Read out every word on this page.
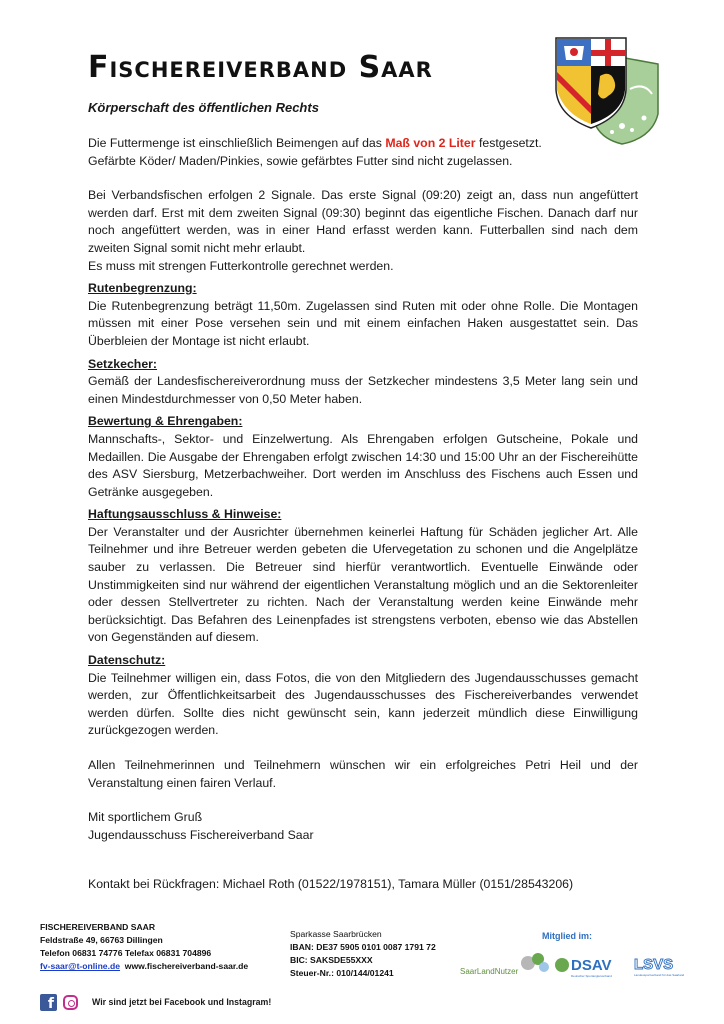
Fischereiverband Saar
Körperschaft des öffentlichen Rechts

Die Futtermenge ist einschließlich Beimengen auf das Maß von 2 Liter festgesetzt.

Gefärbte Köder/ Maden/Pinkies, sowie gefärbtes Futter sind nicht zugelassen.

Bei Verbandsfischen erfolgen 2 Signale. Das erste Signal (09:20) zeigt an, dass nun angefüttert werden darf. Erst mit dem zweiten Signal (09:30) beginnt das eigentliche Fischen. Danach darf nur noch angefüttert werden, was in einer Hand erfasst werden kann. Futterballen sind nach dem zweiten Signal somit nicht mehr erlaubt.

Es muss mit strengen Futterkontrolle gerechnet werden.

Rutenbegrenzung:

Die Rutenbegrenzung beträgt 11,50m. Zugelassen sind Ruten mit oder ohne Rolle. Die Montagen müssen mit einer Pose versehen sein und mit einem einfachen Haken ausgestattet sein. Das Überbleien der Montage ist nicht erlaubt.

Setzkecher:

Gemäß der Landesfischereiverordnung muss der Setzkecher mindestens 3,5 Meter lang sein und einen Mindestdurchmesser von 0,50 Meter haben.

Bewertung & Ehrengaben:

Mannschafts-, Sektor- und Einzelwertung. Als Ehrengaben erfolgen Gutscheine, Pokale und Medaillen. Die Ausgabe der Ehrengaben erfolgt zwischen 14:30 und 15:00 Uhr an der Fischereihütte des ASV Siersburg, Metzerbachweiher. Dort werden im Anschluss des Fischens auch Essen und Getränke ausgegeben.

Haftungsausschluss & Hinweise:

Der Veranstalter und der Ausrichter übernehmen keinerlei Haftung für Schäden jeglicher Art. Alle Teilnehmer und ihre Betreuer werden gebeten die Ufervegetation zu schonen und die Angelplätze sauber zu verlassen. Die Betreuer sind hierfür verantwortlich. Eventuelle Einwände oder Unstimmigkeiten sind nur während der eigentlichen Veranstaltung möglich und an die Sektorenleiter oder dessen Stellvertreter zu richten. Nach der Veranstaltung werden keine Einwände mehr berücksichtigt. Das Befahren des Leinenpfades ist strengstens verboten, ebenso wie das Abstellen von Gegenständen auf diesem.

Datenschutz:

Die Teilnehmer willigen ein, dass Fotos, die von den Mitgliedern des Jugendausschusses gemacht werden, zur Öffentlichkeitsarbeit des Jugendausschusses des Fischereiverbandes verwendet werden dürfen. Sollte dies nicht gewünscht sein, kann jederzeit mündlich diese Einwilligung zurückgezogen werden.

Allen Teilnehmerinnen und Teilnehmern wünschen wir ein erfolgreiches Petri Heil und der Veranstaltung einen fairen Verlauf.

Mit sportlichem Gruß

Jugendausschuss Fischereiverband Saar

Kontakt bei Rückfragen: Michael Roth (01522/1978151), Tamara Müller (0151/28543206)
FISCHEREIVERBAND SAAR
Feldstraße 49, 66763 Dillingen
Telefon 06831 74776 Telefax 06831 704896
fv-saar@t-online.de www.fischereiverband-saar.de
Sparkasse Saarbrücken
IBAN: DE37 5905 0101 0087 1791 72
BIC: SAKSDE55XXX
Steuer-Nr.: 010/144/01241
Mitglied im:
SaarLandNutzer	DSAV
Deutscher Sportanglerverband
LSVS
Landessportverband für das Saarland
f	Wir sind jetzt bei Facebook und Instagram!
